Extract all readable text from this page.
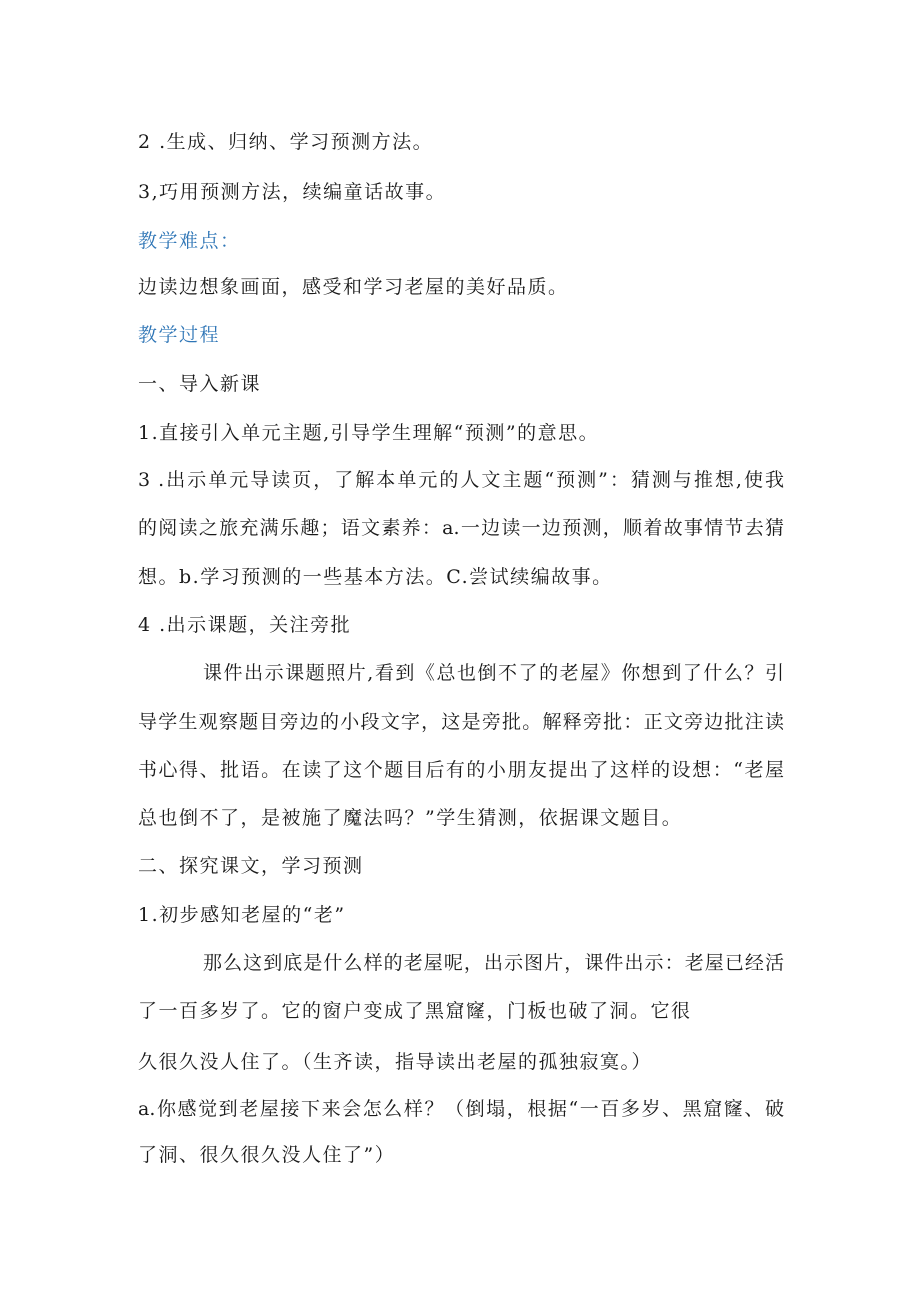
2 .生成、归纳、学习预测方法。
3,巧用预测方法，续编童话故事。
教学难点：
边读边想象画面，感受和学习老屋的美好品质。
教学过程
一、导入新课
1.直接引入单元主题,引导学生理解“预测”的意思。
3 .出示单元导读页，了解本单元的人文主题“预测”：猜测与推想,使我
的阅读之旅充满乐趣；语文素养：a.一边读一边预测，顺着故事情节去猜
想。b.学习预测的一些基本方法。C.尝试续编故事。
4 .出示课题，关注旁批
课件出示课题照片,看到《总也倒不了的老屋》你想到了什么？引
导学生观察题目旁边的小段文字，这是旁批。解释旁批：正文旁边批注读
书心得、批语。在读了这个题目后有的小朋友提出了这样的设想：“老屋
总也倒不了，是被施了魔法吗？”学生猜测，依据课文题目。
二、探究课文，学习预测
1.初步感知老屋的“老”
那么这到底是什么样的老屋呢，出示图片，课件出示：老屋已经活
了一百多岁了。它的窗户变成了黑窟窿，门板也破了洞。它很
久很久没人住了。（生齐读，指导读出老屋的孤独寂寞。）
a.你感觉到老屋接下来会怎么样？（倒塌，根据“一百多岁、黑窟窿、破
了洞、很久很久没人住了”）
